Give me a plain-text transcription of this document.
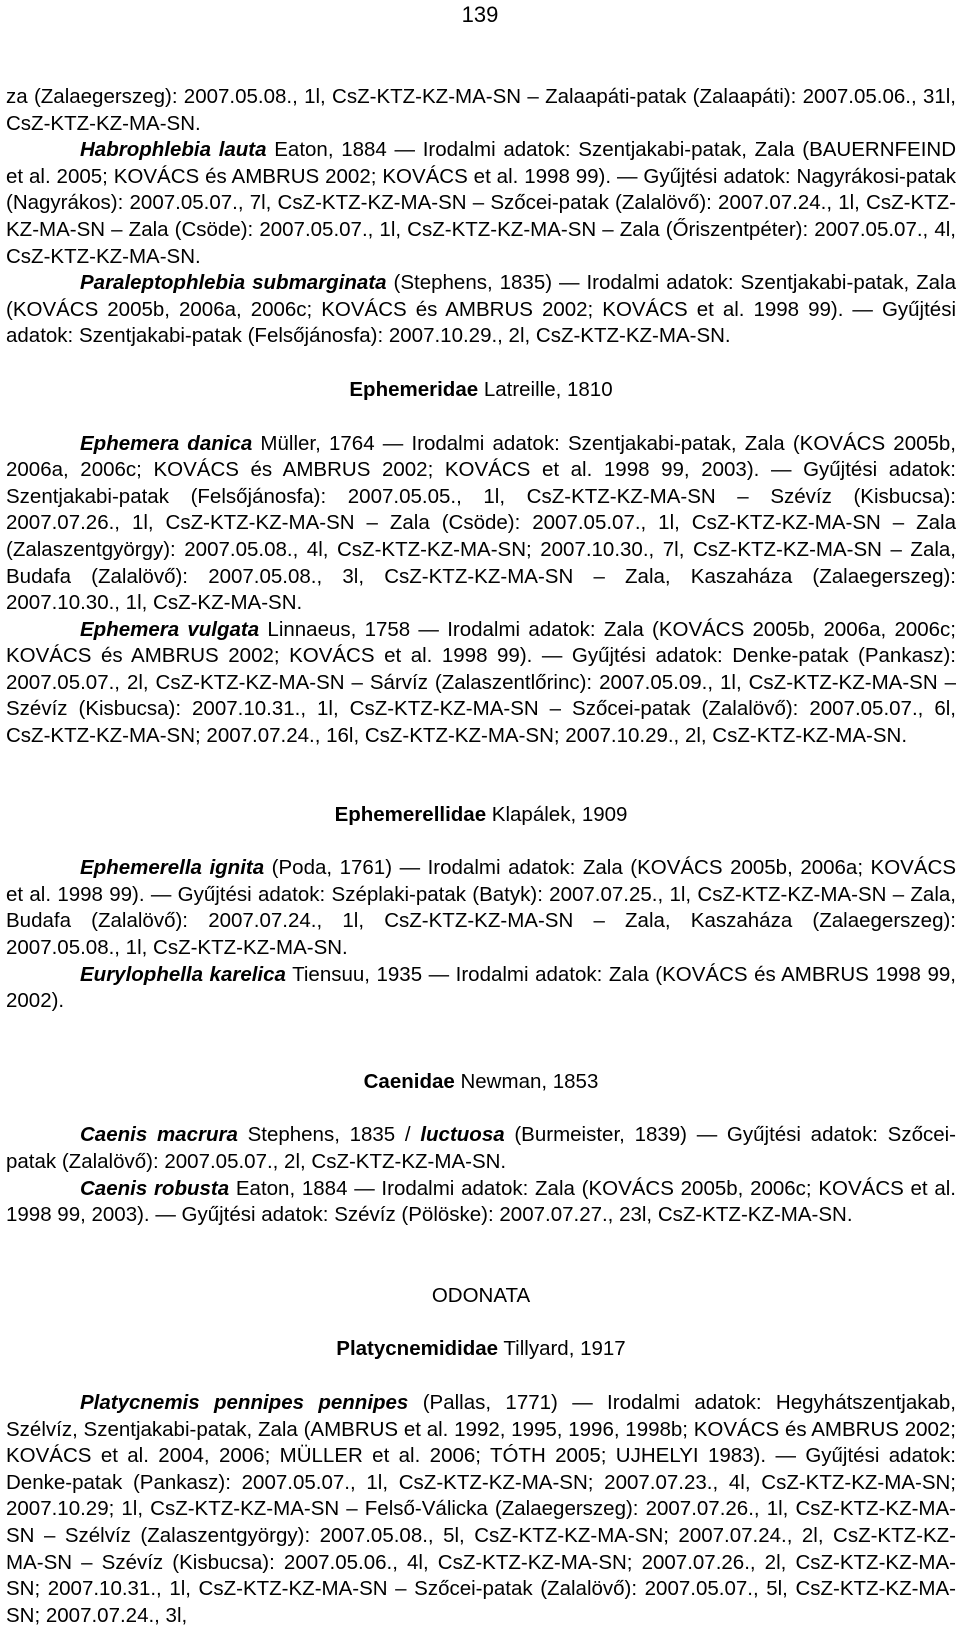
139

za (Zalaegerszeg): 2007.05.08., 1l, CsZ-KTZ-KZ-MA-SN – Zalaapáti-patak (Zalaapáti): 2007.05.06., 31l, CsZ-KTZ-KZ-MA-SN.

Habrophlebia lauta Eaton, 1884 — Irodalmi adatok: Szentjakabi-patak, Zala (BAUERNFEIND et al. 2005; KOVÁCS és AMBRUS 2002; KOVÁCS et al. 1998 99). — Gyűjtési adatok: Nagyrákosi-patak (Nagyrákos): 2007.05.07., 7l, CsZ-KTZ-KZ-MA-SN – Szőcei-patak (Zalalövő): 2007.07.24., 1l, CsZ-KTZ-KZ-MA-SN – Zala (Csöde): 2007.05.07., 1l, CsZ-KTZ-KZ-MA-SN – Zala (Őriszentpéter): 2007.05.07., 4l, CsZ-KTZ-KZ-MA-SN.

Paraleptophlebia submarginata (Stephens, 1835) — Irodalmi adatok: Szentjakabi-patak, Zala (KOVÁCS 2005b, 2006a, 2006c; KOVÁCS és AMBRUS 2002; KOVÁCS et al. 1998 99). — Gyűjtési adatok: Szentjakabi-patak (Felsőjánosfa): 2007.10.29., 2l, CsZ-KTZ-KZ-MA-SN.

Ephemeridae Latreille, 1810

Ephemera danica Müller, 1764 — Irodalmi adatok: Szentjakabi-patak, Zala (KOVÁCS 2005b, 2006a, 2006c; KOVÁCS és AMBRUS 2002; KOVÁCS et al. 1998 99, 2003). — Gyűjtési adatok: Szentjakabi-patak (Felsőjánosfa): 2007.05.05., 1l, CsZ-KTZ-KZ-MA-SN – Szévíz (Kisbucsa): 2007.07.26., 1l, CsZ-KTZ-KZ-MA-SN – Zala (Csöde): 2007.05.07., 1l, CsZ-KTZ-KZ-MA-SN – Zala (Zalaszentgyörgy): 2007.05.08., 4l, CsZ-KTZ-KZ-MA-SN; 2007.10.30., 7l, CsZ-KTZ-KZ-MA-SN – Zala, Budafa (Zalalövő): 2007.05.08., 3l, CsZ-KTZ-KZ-MA-SN – Zala, Kaszaháza (Zalaegerszeg): 2007.10.30., 1l, CsZ-KZ-MA-SN.

Ephemera vulgata Linnaeus, 1758 — Irodalmi adatok: Zala (KOVÁCS 2005b, 2006a, 2006c; KOVÁCS és AMBRUS 2002; KOVÁCS et al. 1998 99). — Gyűjtési adatok: Denke-patak (Pankasz): 2007.05.07., 2l, CsZ-KTZ-KZ-MA-SN – Sárvíz (Zalaszentlőrinc): 2007.05.09., 1l, CsZ-KTZ-KZ-MA-SN – Szévíz (Kisbucsa): 2007.10.31., 1l, CsZ-KTZ-KZ-MA-SN – Szőcei-patak (Zalalövő): 2007.05.07., 6l, CsZ-KTZ-KZ-MA-SN; 2007.07.24., 16l, CsZ-KTZ-KZ-MA-SN; 2007.10.29., 2l, CsZ-KTZ-KZ-MA-SN.

Ephemerellidae Klapálek, 1909

Ephemerella ignita (Poda, 1761) — Irodalmi adatok: Zala (KOVÁCS 2005b, 2006a; KOVÁCS et al. 1998 99). — Gyűjtési adatok: Széplaki-patak (Batyk): 2007.07.25., 1l, CsZ-KTZ-KZ-MA-SN – Zala, Budafa (Zalalövő): 2007.07.24., 1l, CsZ-KTZ-KZ-MA-SN – Zala, Kaszaháza (Zalaegerszeg): 2007.05.08., 1l, CsZ-KTZ-KZ-MA-SN.

Eurylophella karelica Tiensuu, 1935 — Irodalmi adatok: Zala (KOVÁCS és AMBRUS 1998 99, 2002).

Caenidae Newman, 1853

Caenis macrura Stephens, 1835 / luctuosa (Burmeister, 1839) — Gyűjtési adatok: Szőcei-patak (Zalalövő): 2007.05.07., 2l, CsZ-KTZ-KZ-MA-SN.

Caenis robusta Eaton, 1884 — Irodalmi adatok: Zala (KOVÁCS 2005b, 2006c; KOVÁCS et al. 1998 99, 2003). — Gyűjtési adatok: Szévíz (Pölöske): 2007.07.27., 23l, CsZ-KTZ-KZ-MA-SN.

ODONATA
Platycnemididae Tillyard, 1917

Platycnemis pennipes pennipes (Pallas, 1771) — Irodalmi adatok: Hegyhátszentjakab, Szélvíz, Szentjakabi-patak, Zala (AMBRUS et al. 1992, 1995, 1996, 1998b; KOVÁCS és AMBRUS 2002; KOVÁCS et al. 2004, 2006; MÜLLER et al. 2006; TÓTH 2005; UJHELYI 1983). — Gyűjtési adatok: Denke-patak (Pankasz): 2007.05.07., 1l, CsZ-KTZ-KZ-MA-SN; 2007.07.23., 4l, CsZ-KTZ-KZ-MA-SN; 2007.10.29; 1l, CsZ-KTZ-KZ-MA-SN – Felső-Válicka (Zalaegerszeg): 2007.07.26., 1l, CsZ-KTZ-KZ-MA-SN – Szélvíz (Zalaszentgyörgy): 2007.05.08., 5l, CsZ-KTZ-KZ-MA-SN; 2007.07.24., 2l, CsZ-KTZ-KZ-MA-SN – Szévíz (Kisbucsa): 2007.05.06., 4l, CsZ-KTZ-KZ-MA-SN; 2007.07.26., 2l, CsZ-KTZ-KZ-MA-SN; 2007.10.31., 1l, CsZ-KTZ-KZ-MA-SN – Szőcei-patak (Zalalövő): 2007.05.07., 5l, CsZ-KTZ-KZ-MA-SN; 2007.07.24., 3l,
